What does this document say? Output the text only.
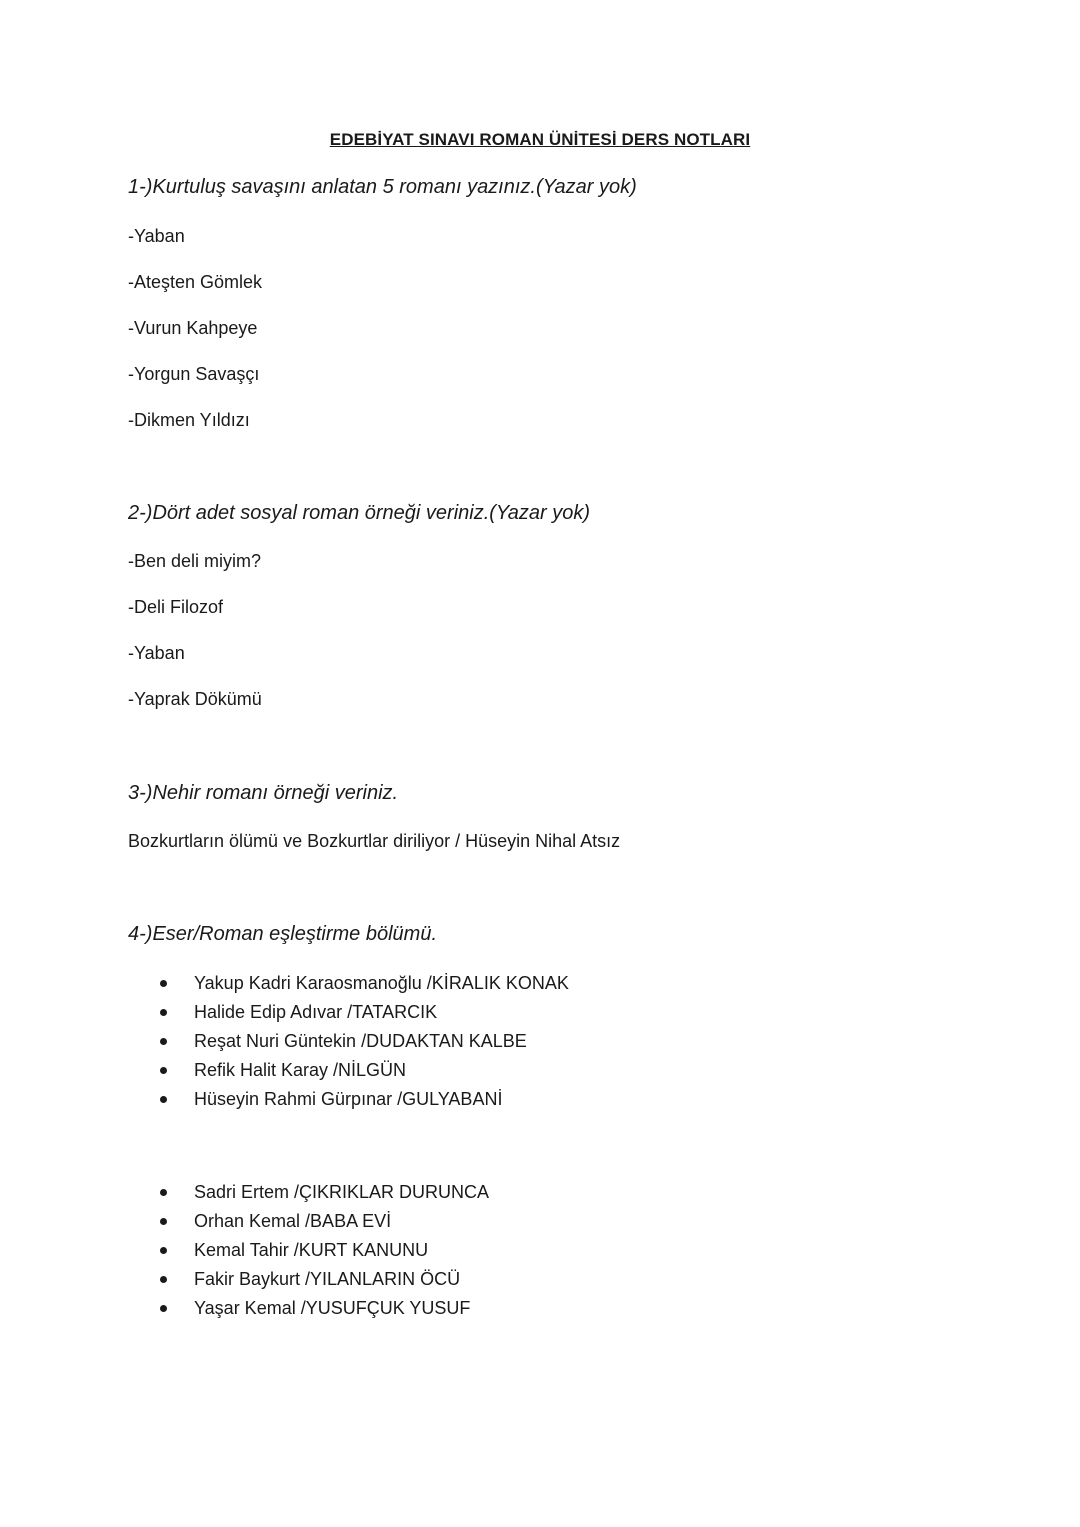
EDEBİYAT SINAVI ROMAN ÜNİTESİ DERS NOTLARI
1-)Kurtuluş savaşını anlatan 5 romanı yazınız.(Yazar yok)
-Yaban
-Ateşten Gömlek
-Vurun Kahpeye
-Yorgun Savaşçı
-Dikmen Yıldızı
2-)Dört adet sosyal roman örneği veriniz.(Yazar yok)
-Ben deli miyim?
-Deli Filozof
-Yaban
-Yaprak Dökümü
3-)Nehir romanı örneği veriniz.
Bozkurtların ölümü ve Bozkurtlar diriliyor / Hüseyin Nihal Atsız
4-)Eser/Roman eşleştirme bölümü.
Yakup Kadri Karaosmanoğlu /KİRALIK KONAK
Halide Edip Adıvar /TATARCIK
Reşat Nuri Güntekin /DUDAKTAN KALBE
Refik Halit Karay /NİLGÜN
Hüseyin Rahmi Gürpınar /GULYABANİ
Sadri Ertem /ÇIKRIKLAR DURUNCA
Orhan Kemal /BABA EVİ
Kemal Tahir /KURT KANUNU
Fakir Baykurt /YILANLARIN ÖCÜ
Yaşar Kemal /YUSUFÇUK YUSUF
